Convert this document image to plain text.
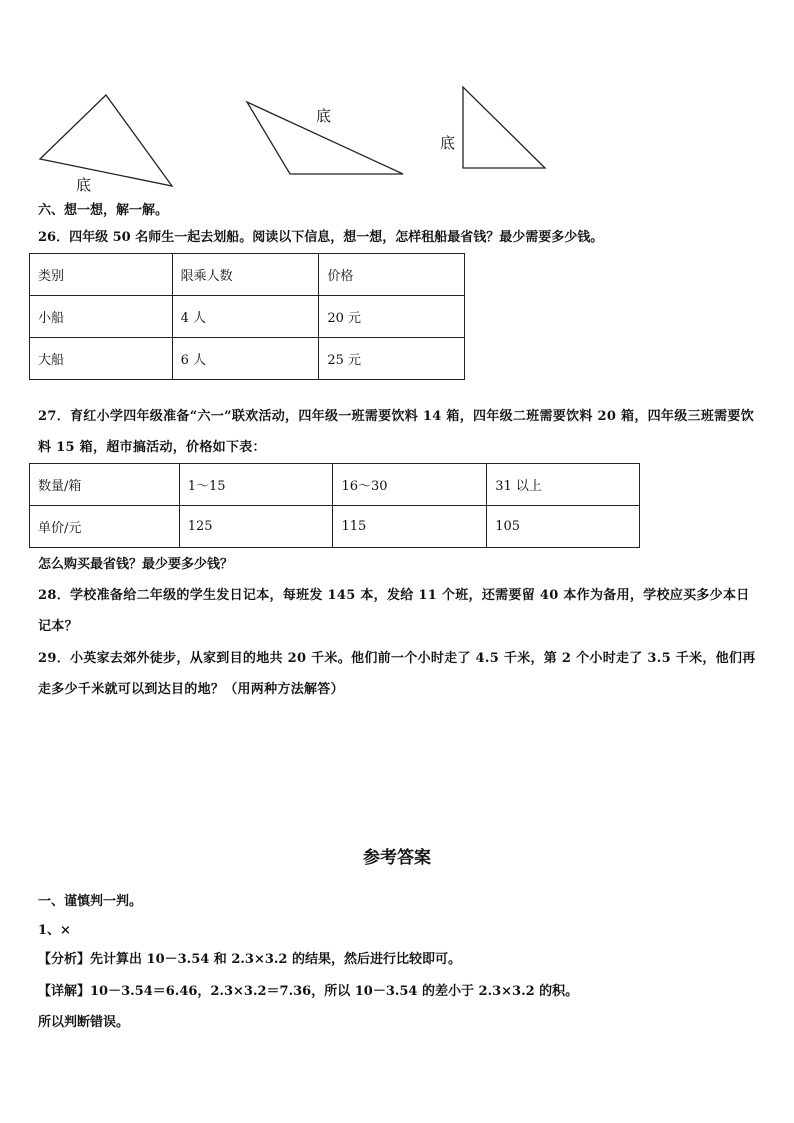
底
底
底
六、想一想，解一解。
26．四年级 50 名师生一起去划船。阅读以下信息，想一想，怎样租船最省钱？最少需要多少钱。
类别	限乘人数	价格
小船	4 人	20 元
大船	6 人	25 元
27．育红小学四年级准备“六一”联欢活动，四年级一班需要饮料 14 箱，四年级二班需要饮料 20 箱，四年级三班需要饮料 15 箱，超市搞活动，价格如下表：
数量/箱	1～15	16～30	31 以上
单价/元	125	115	105
怎么购买最省钱？最少要多少钱？
28．学校准备给二年级的学生发日记本，每班发 145 本，发给 11 个班，还需要留 40 本作为备用，学校应买多少本日记本？
29．小英家去郊外徒步，从家到目的地共 20 千米。他们前一个小时走了 4.5 千米，第 2 个小时走了 3.5 千米，他们再走多少千米就可以到达目的地？（用两种方法解答）
参考答案
一、谨慎判一判。
1、×
【分析】先计算出 10－3.54 和 2.3×3.2 的结果，然后进行比较即可。
【详解】10－3.54＝6.46，2.3×3.2＝7.36，所以 10－3.54 的差小于 2.3×3.2 的积。
所以判断错误。
